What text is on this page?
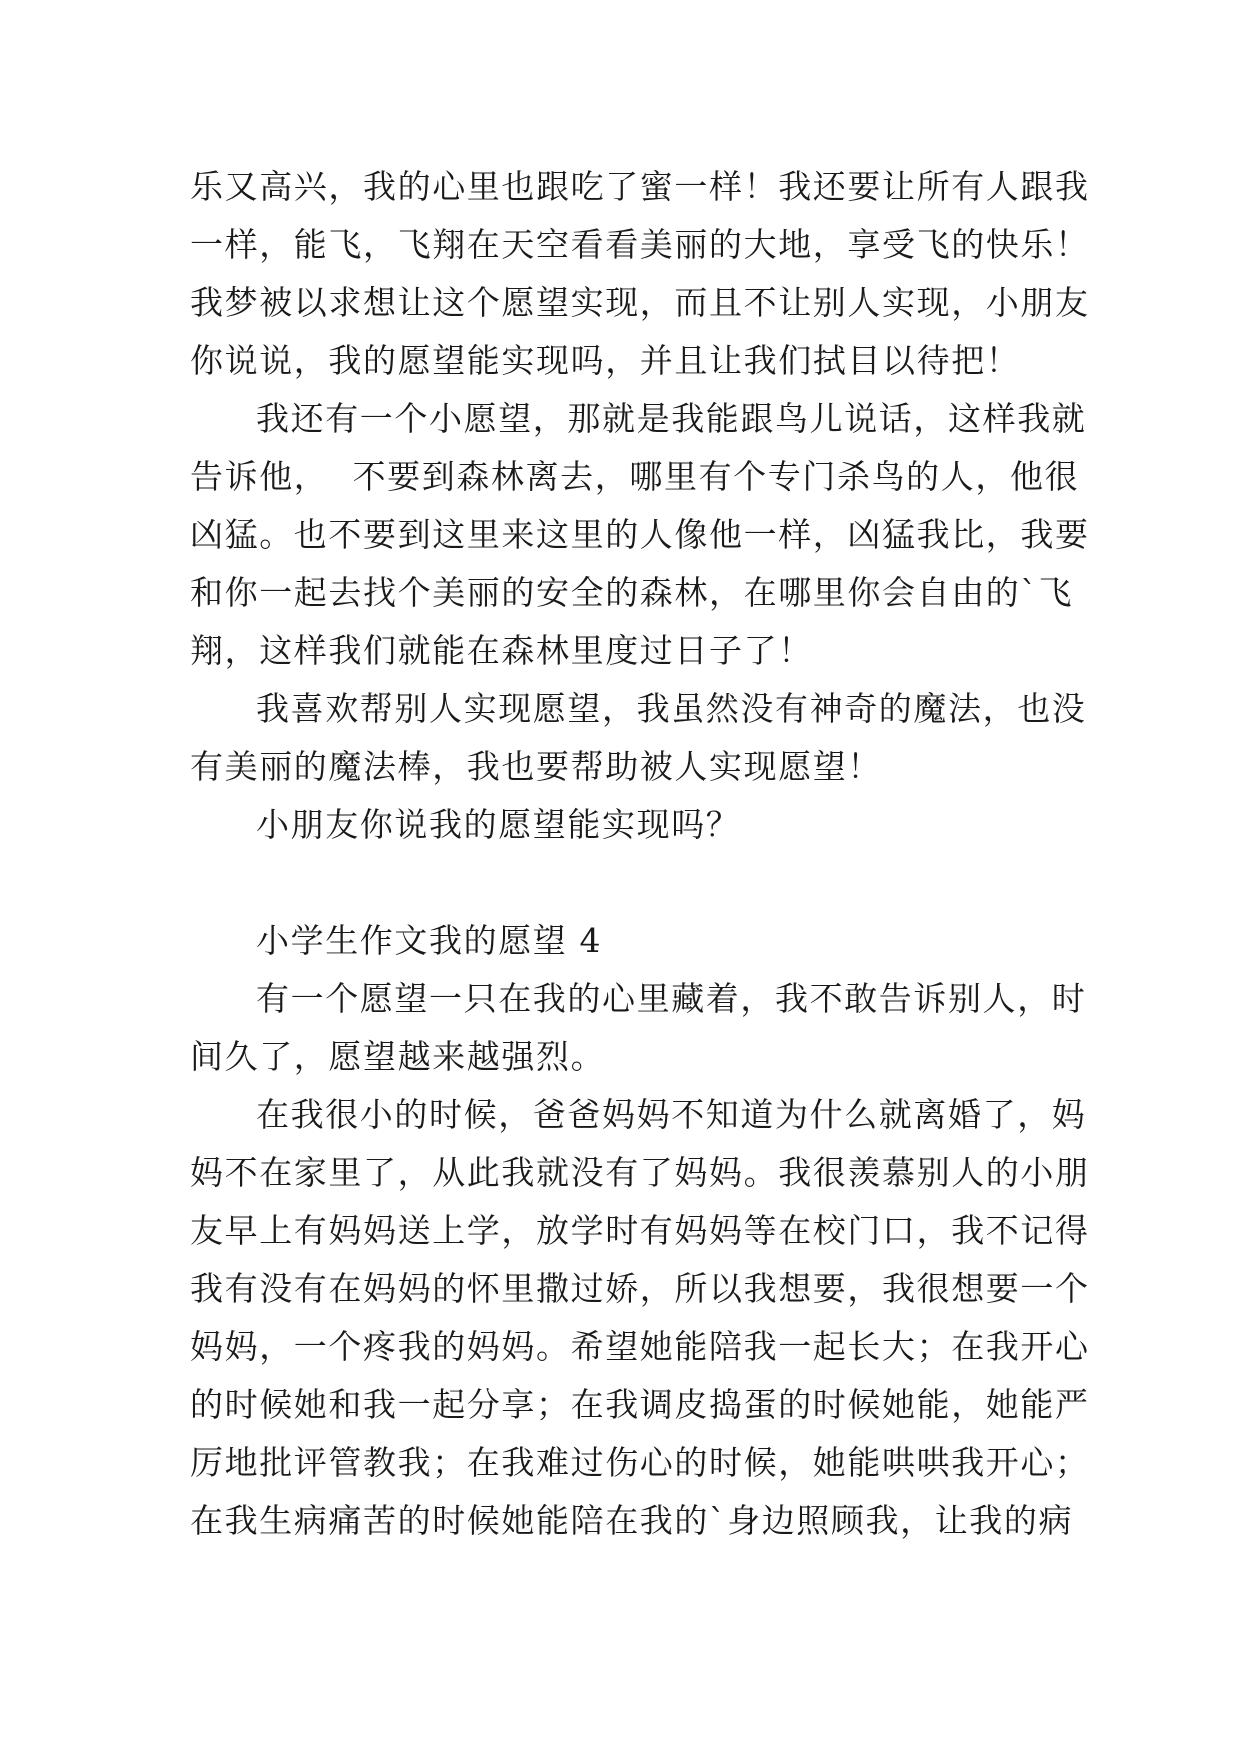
乐又高兴，我的心里也跟吃了蜜一样！我还要让所有人跟我
一样，能飞，飞翔在天空看看美丽的大地，享受飞的快乐！
我梦被以求想让这个愿望实现，而且不让别人实现，小朋友
你说说，我的愿望能实现吗，并且让我们拭目以待把！
我还有一个小愿望，那就是我能跟鸟儿说话，这样我就
告诉他，  不要到森林离去，哪里有个专门杀鸟的人，他很
凶猛。也不要到这里来这里的人像他一样，凶猛我比，我要
和你一起去找个美丽的安全的森林，在哪里你会自由的`飞
翔，这样我们就能在森林里度过日子了！
我喜欢帮别人实现愿望，我虽然没有神奇的魔法，也没
有美丽的魔法棒，我也要帮助被人实现愿望！
小朋友你说我的愿望能实现吗？
小学生作文我的愿望 4
有一个愿望一只在我的心里藏着，我不敢告诉别人，时
间久了，愿望越来越强烈。
在我很小的时候，爸爸妈妈不知道为什么就离婚了，妈
妈不在家里了，从此我就没有了妈妈。我很羡慕别人的小朋
友早上有妈妈送上学，放学时有妈妈等在校门口，我不记得
我有没有在妈妈的怀里撒过娇，所以我想要，我很想要一个
妈妈，一个疼我的妈妈。希望她能陪我一起长大；在我开心
的时候她和我一起分享；在我调皮捣蛋的时候她能，她能严
厉地批评管教我；在我难过伤心的时候，她能哄哄我开心；
在我生病痛苦的时候她能陪在我的`身边照顾我，让我的病
